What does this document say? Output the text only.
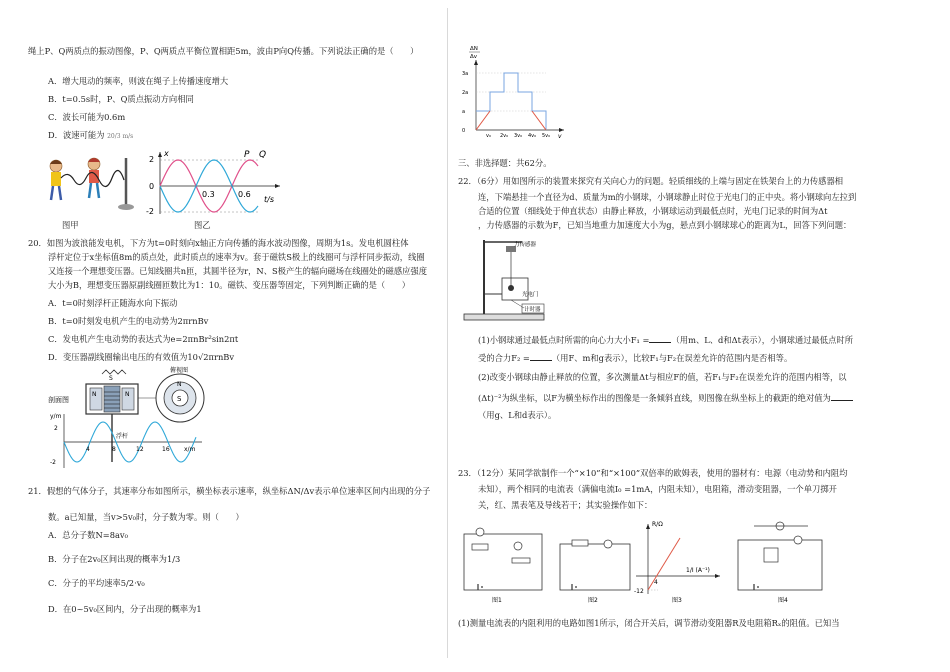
绳上P、Q两质点的振动图像，P、Q两质点平衡位置相距5m，波由P向Q传播。下列说法正确的是（　　）

A．增大甩动的频率，则波在绳子上传播速度增大

B．t=0.5s时，P、Q质点振动方向相同

C．波长可能为0.6m

D．波速可能为 20/3 m/s

x
2
0
-2
0.3	0.6
P Q
t/s

图甲	图乙

20．如图为波浪能发电机，下方为t=0时刻向x轴正方向传播的海水波动图像，周期为1s。发电机圆柱体

浮杆定位于x坐标值8m的质点处，此时质点的速率为v。套于磁铁S极上的线圈可与浮杆同步振动，线圈

又连接一个理想变压器。已知线圈共n匝，其圆半径为r，N、S极产生的辐向磁场在线圈处的磁感应强度

大小为B，理想变压器原副线圈匝数比为1：10。磁铁、变压器等固定，下列判断正确的是（　　）

A．t=0时刻浮杆正随海水向下振动

B．t=0时刻发电机产生的电动势为2πrnBv

C．发电机产生电动势的表达式为e=2πnBr²sin2πt

D．变压器副线圈输出电压的有效值为10√2πrnBv

剖面图
N	N
S
浮杆
俯视图
S
N
y/m
2
-2
4	8	12	16 x/m

21．假想的气体分子，其速率分布如图所示，横坐标表示速率，纵坐标ΔN/Δv表示单位速率区间内出现的分子

数。a已知量，当v>5v₀时，分子数为零。则（　　）

A．总分子数N=8av₀

B．分子在2v₀区间出现的概率为1/3

C．分子的平均速率5/2·v₀

D．在0~5v₀区间内，分子出现的概率为1

ΔN
Δv
v₀ 2v₀ 3v₀ 4v₀ 5v₀
3a
2a
a
0
v

三、非选择题：共62分。

22．（6分）用如图所示的装置来探究有关向心力的问题。轻质细线的上端与固定在铁架台上的力传感器相

连，下端悬挂一个直径为d、质量为m的小钢球，小钢球静止时位于光电门的正中央。将小钢球向左拉到

合适的位置（细线处于伸直状态）由静止释放，小钢球运动到最低点时，光电门记录的时间为Δt

，力传感器的示数为F，已知当地重力加速度大小为g，悬点到小钢球球心的距离为L，回答下列问题：

力传感器
光电门
计时器

(1)小钢球通过最低点时所需的向心力大小F₁ =	（用m、L、d和Δt表示），小钢球通过最低点时所

受的合力F₂ =	（用F、m和g表示），比较F₁与F₂在误差允许的范围内是否相等。

(2)改变小钢球由静止释放的位置，多次测量Δt与相应F的值，若F₁与F₂在误差允许的范围内相等，以

(Δt)⁻²为纵坐标，以F为横坐标作出的图像是一条倾斜直线，则图像在纵坐标上的截距的绝对值为

（用g、L和d表示）。

23．（12分）某同学欲制作一个“×10”和“×100”双倍率的欧姆表，使用的器材有：电源（电动势和内阻均

未知），两个相同的电流表（满偏电流I₀ =1mA，内阻未知），电阻箱，滑动变阻器，一个单刀掷开

关，红、黑表笔及导线若干；其实验操作如下：

图1	图2
R/Ω
1/I (A⁻¹)
-12
4
图3	图4

(1)测量电流表的内阻利用的电路如图1所示，闭合开关后，调节滑动变阻器R及电阻箱Rₓ的阻值。已知当
